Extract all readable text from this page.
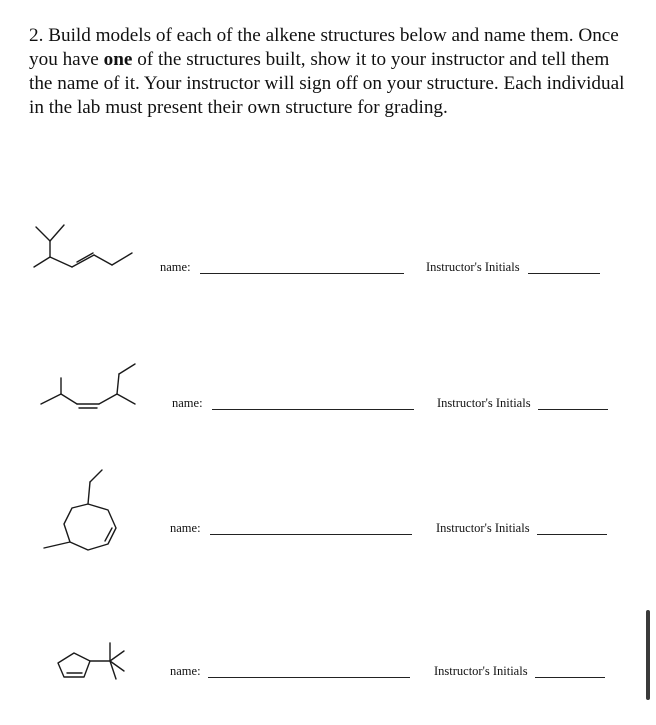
2. Build models of each of the alkene structures below and name them. Once you have one of the structures built, show it to your instructor and tell them the name of it. Your instructor will sign off on your structure. Each individual in the lab must present their own structure for grading.

name:	Instructor's Initials
name:	Instructor's Initials
name:	Instructor's Initials
name:	Instructor's Initials
